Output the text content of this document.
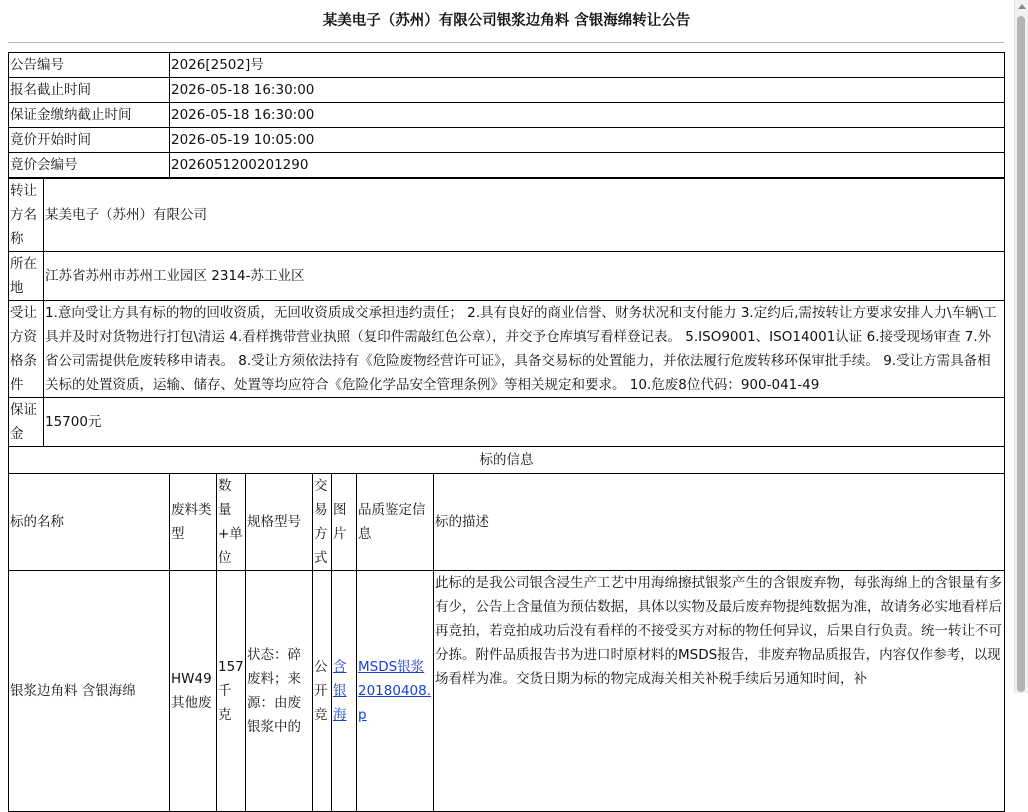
某美电子（苏州）有限公司银浆边角料 含银海绵转让公告
公告编号	2026[2502]号
报名截止时间	2026-05-18 16:30:00
保证金缴纳截止时间	2026-05-18 16:30:00
竟价开始时间	2026-05-19 10:05:00
竟价会编号	2026051200201290
转让方名称	某美电子（苏州）有限公司
所在地	江苏省苏州市苏州工业园区 2314-苏工业区
受让方资格条件	1.意向受让方具有标的物的回收资质，无回收资质成交承担违约责任； 2.具有良好的商业信誉、财务状况和支付能力 3.定约后,需按转让方要求安排人力\车辆\工具并及时对货物进行打包\清运 4.看样携带营业执照（复印件需敲红色公章），并交予仓库填写看样登记表。 5.ISO9001、ISO14001认证 6.接受现场审查 7.外省公司需提供危废转移申请表。 8.受让方须依法持有《危险废物经营许可证》，具备交易标的处置能力，并依法履行危废转移环保审批手续。 9.受让方需具备相关标的处置资质，运输、储存、处置等均应符合《危险化学品安全管理条例》等相关规定和要求。 10.危废8位代码：900-041-49
保证金	15700元
标的信息							
标的名称	废料类型	数量+单位	规格型号	交易方式	图片	品质鉴定信息	标的描述
银浆边角料 含银海绵	HW49其他废	157千克	状态：碎废料；来源：由废银浆中的	公开竞	含银海	MSDS银浆20180408.p	此标的是我公司银含浸生产工艺中用海绵擦拭银浆产生的含银废弃物，每张海绵上的含银量有多有少，公告上含量值为预估数据，具体以实物及最后废弃物提纯数据为准，故请务必实地看样后再竞拍，若竞拍成功后没有看样的不接受买方对标的物任何异议，后果自行负责。统一转让不可分拣。附件品质报告书为进口时原材料的MSDS报告，非废弃物品质报告，内容仅作参考，以现场看样为准。交货日期为标的物完成海关相关补税手续后另通知时间，补
